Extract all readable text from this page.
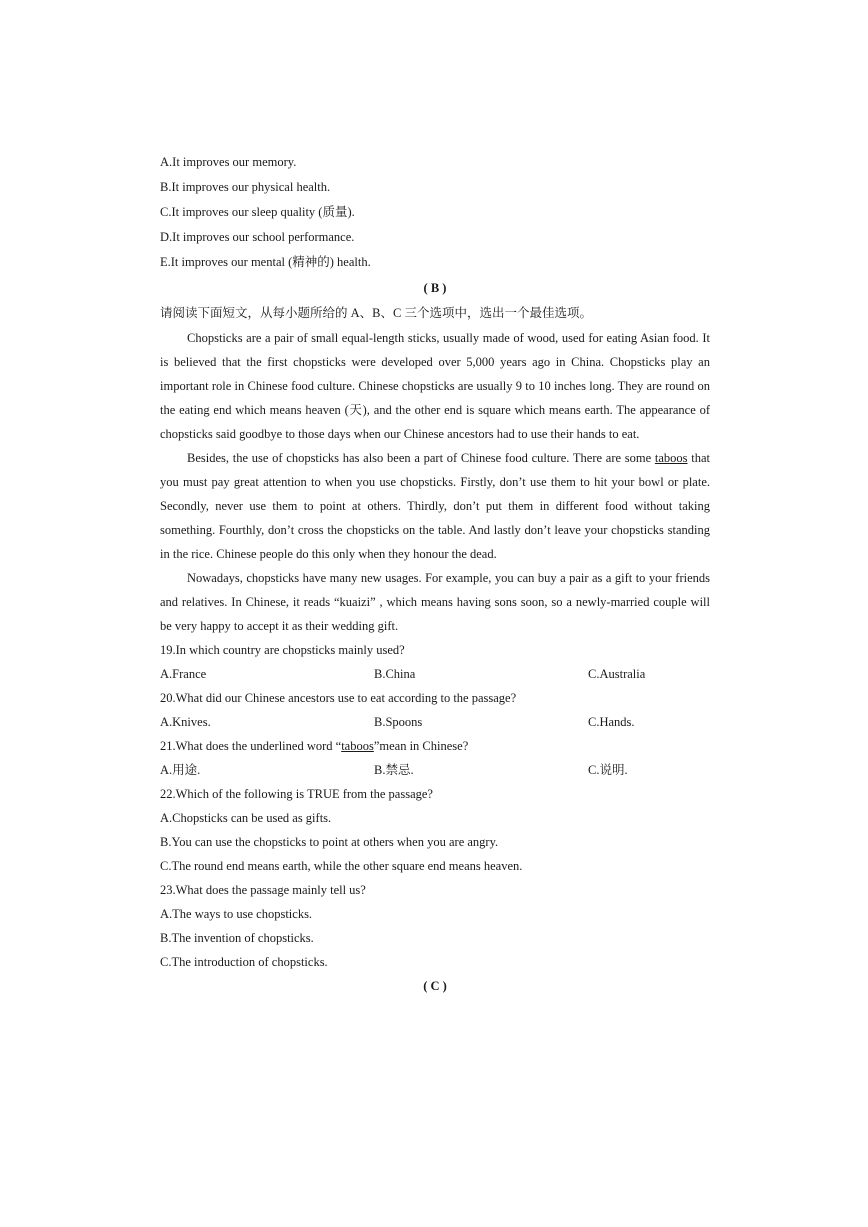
A.It improves our memory.
B.It improves our physical health.
C.It improves our sleep quality (质量).
D.It improves our school performance.
E.It improves our mental (精神的) health.
( B )
请阅读下面短文，从每小题所给的 A、B、C 三个选项中，选出一个最佳选项。

Chopsticks are a pair of small equal-length sticks, usually made of wood, used for eating Asian food. It is believed that the first chopsticks were developed over 5,000 years ago in China. Chopsticks play an important role in Chinese food culture. Chinese chopsticks are usually 9 to 10 inches long. They are round on the eating end which means heaven (天), and the other end is square which means earth. The appearance of chopsticks said goodbye to those days when our Chinese ancestors had to use their hands to eat.

Besides, the use of chopsticks has also been a part of Chinese food culture. There are some taboos that you must pay great attention to when you use chopsticks. Firstly, don’t use them to hit your bowl or plate. Secondly, never use them to point at others. Thirdly, don’t put them in different food without taking something. Fourthly, don’t cross the chopsticks on the table. And lastly don’t leave your chopsticks standing in the rice. Chinese people do this only when they honour the dead.

Nowadays, chopsticks have many new usages. For example, you can buy a pair as a gift to your friends and relatives. In Chinese, it reads “kuaizi” , which means having sons soon, so a newly-married couple will be very happy to accept it as their wedding gift.

19.In which country are chopsticks mainly used?
A.France	B.China	C.Australia
20.What did our Chinese ancestors use to eat according to the passage?
A.Knives.	B.Spoons	C.Hands.
21.What does the underlined word “taboos”mean in Chinese?
A.用途.	B.禁忌.	C.说明.
22.Which of the following is TRUE from the passage?
A.Chopsticks can be used as gifts.
B.You can use the chopsticks to point at others when you are angry.
C.The round end means earth, while the other square end means heaven.
23.What does the passage mainly tell us?
A.The ways to use chopsticks.
B.The invention of chopsticks.
C.The introduction of chopsticks.
( C )
